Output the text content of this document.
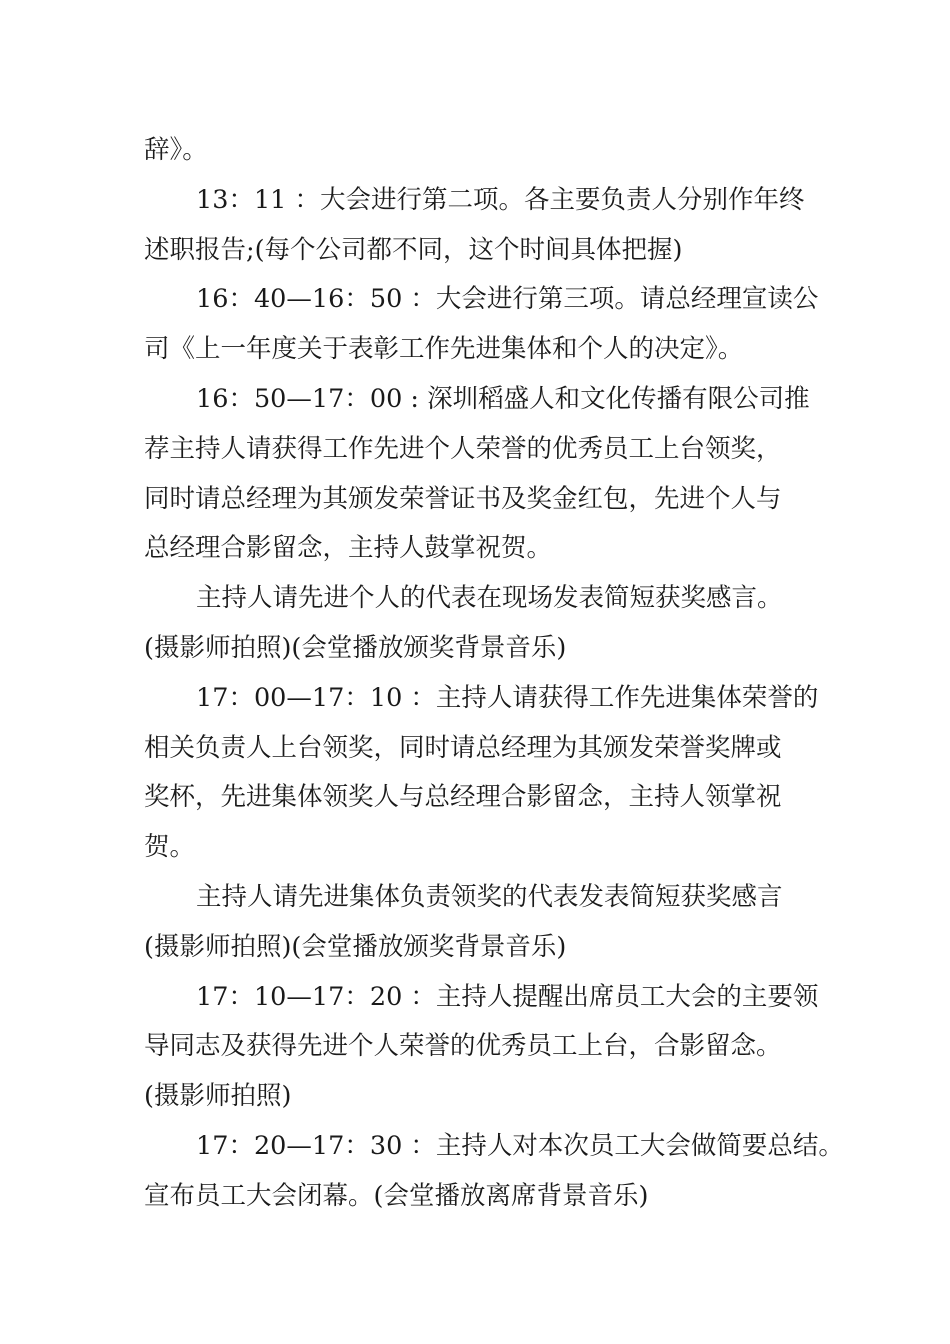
辞》。
13：11 ：大会进行第二项。各主要负责人分别作年终
述职报告;(每个公司都不同，这个时间具体把握)
16：40—16：50 ：大会进行第三项。请总经理宣读公
司《上一年度关于表彰工作先进集体和个人的决定》。
16：50—17：00 : 深圳稻盛人和文化传播有限公司推
荐主持人请获得工作先进个人荣誉的优秀员工上台领奖，
同时请总经理为其颁发荣誉证书及奖金红包，先进个人与
总经理合影留念，主持人鼓掌祝贺。
主持人请先进个人的代表在现场发表简短获奖感言。
(摄影师拍照)(会堂播放颁奖背景音乐)
17：00—17：10 ：主持人请获得工作先进集体荣誉的
相关负责人上台领奖，同时请总经理为其颁发荣誉奖牌或
奖杯，先进集体领奖人与总经理合影留念，主持人领掌祝
贺。
主持人请先进集体负责领奖的代表发表简短获奖感言
(摄影师拍照)(会堂播放颁奖背景音乐)
17：10—17：20 ：主持人提醒出席员工大会的主要领
导同志及获得先进个人荣誉的优秀员工上台，合影留念。
(摄影师拍照)
17：20—17：30 ：主持人对本次员工大会做简要总结。
宣布员工大会闭幕。(会堂播放离席背景音乐)
